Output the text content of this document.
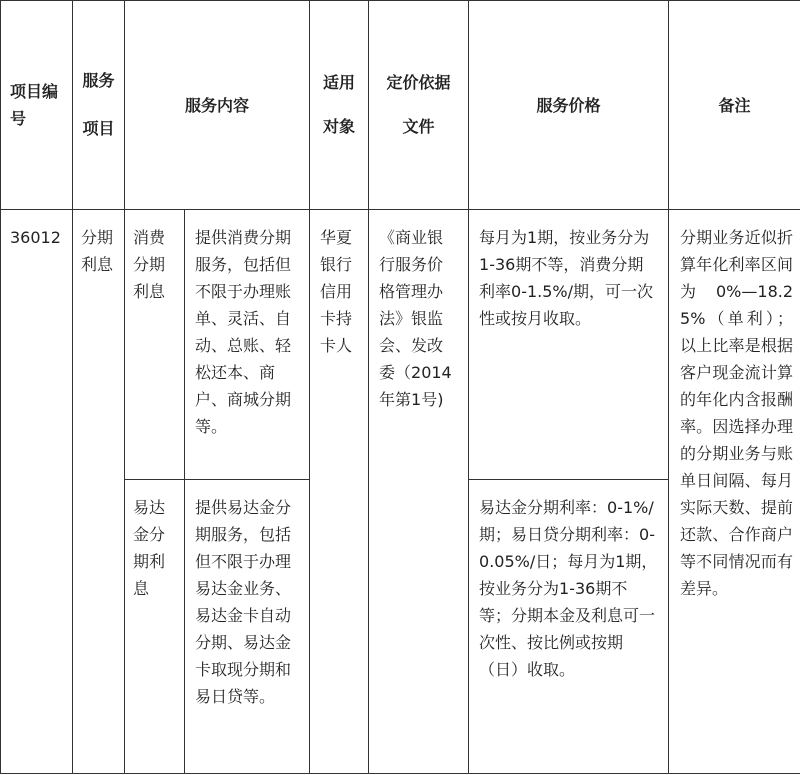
项目编号	服务项目	服务内容		适用对象	定价依据文件	服务价格	备注
36012	分期利息	消费分期利息	提供消费分期服务，包括但不限于办理账单、灵活、自动、总账、轻松还本、商户、商城分期等。	华夏银行信用卡持卡人	《商业银行服务价格管理办法》银监会、发改委（2014年第1号)	每月为1期，按业务分为1-36期不等，消费分期利率0-1.5%/期，可一次性或按月收取。	分期业务近似折算年化利率区间为0%—18.25%（单利）；以上比率是根据客户现金流计算的年化内含报酬率。因选择办理的分期业务与账单日间隔、每月实际天数、提前还款、合作商户等不同情况而有差异。
		易达金分期利息	提供易达金分期服务，包括但不限于办理易达金业务、易达金卡自动分期、易达金卡取现分期和易日贷等。			易达金分期利率：0-1%/期；易日贷分期利率：0-0.05%/日；每月为1期，按业务分为1-36期不等；分期本金及利息可一次性、按比例或按期（日）收取。	
